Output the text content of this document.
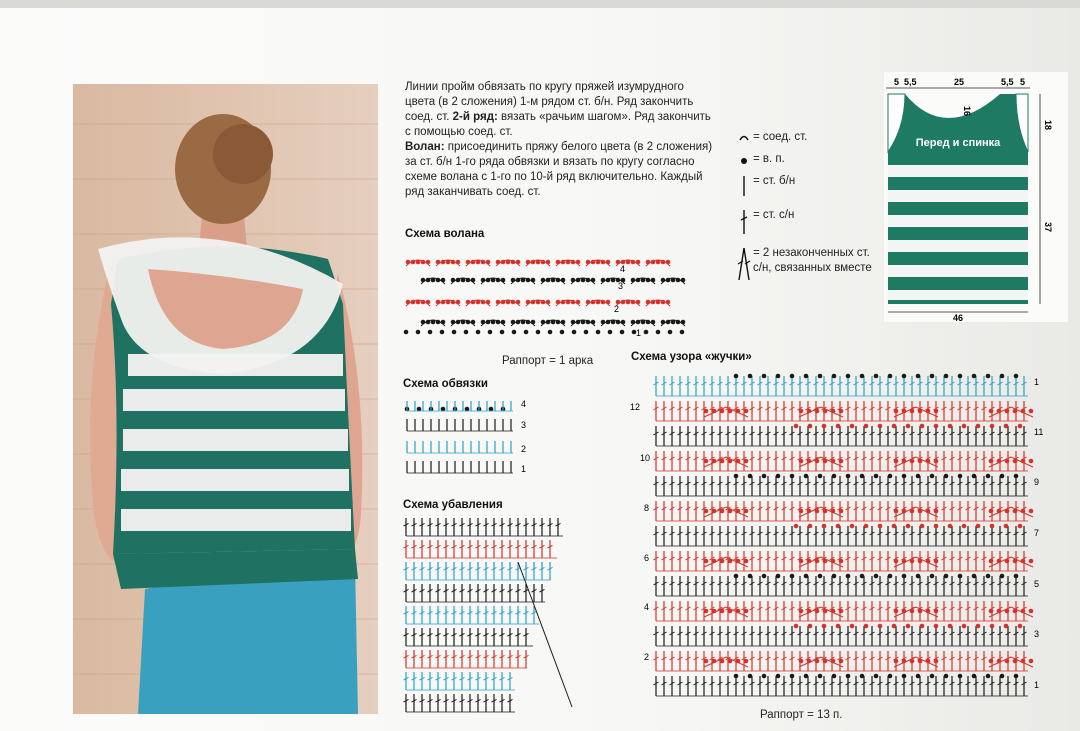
Линии пройм обвязать по кругу пряжей изумрудного цвета (в 2 сложения) 1-м рядом ст. б/н. Ряд закончить соед. ст. 2-й ряд: вязать «рачьим шагом». Ряд закончить с помощью соед. ст.
Волан: присоединить пряжу белого цвета (в 2 сложения) за ст. б/н 1-го ряда обвязки и вязать по кругу согласно схеме волана с 1-го по 10-й ряд включительно. Каждый ряд заканчивать соед. ст.
= соед. ст.
= в. п.
= ст. б/н
= ст. с/н
= 2 незаконченных ст. с/н, связанных вместе
Перед и спинка
5 5,5	25	5,5 5
16
18
37
46
Схема волана
4
3
2
1
Раппорт = 1 арка
Схема обвязки
4
3
2
1
Схема убавления
Схема узора «жучки»
12
10
8
6
4
2
1
11
9
7
5
3
1
Раппорт = 13 п.
